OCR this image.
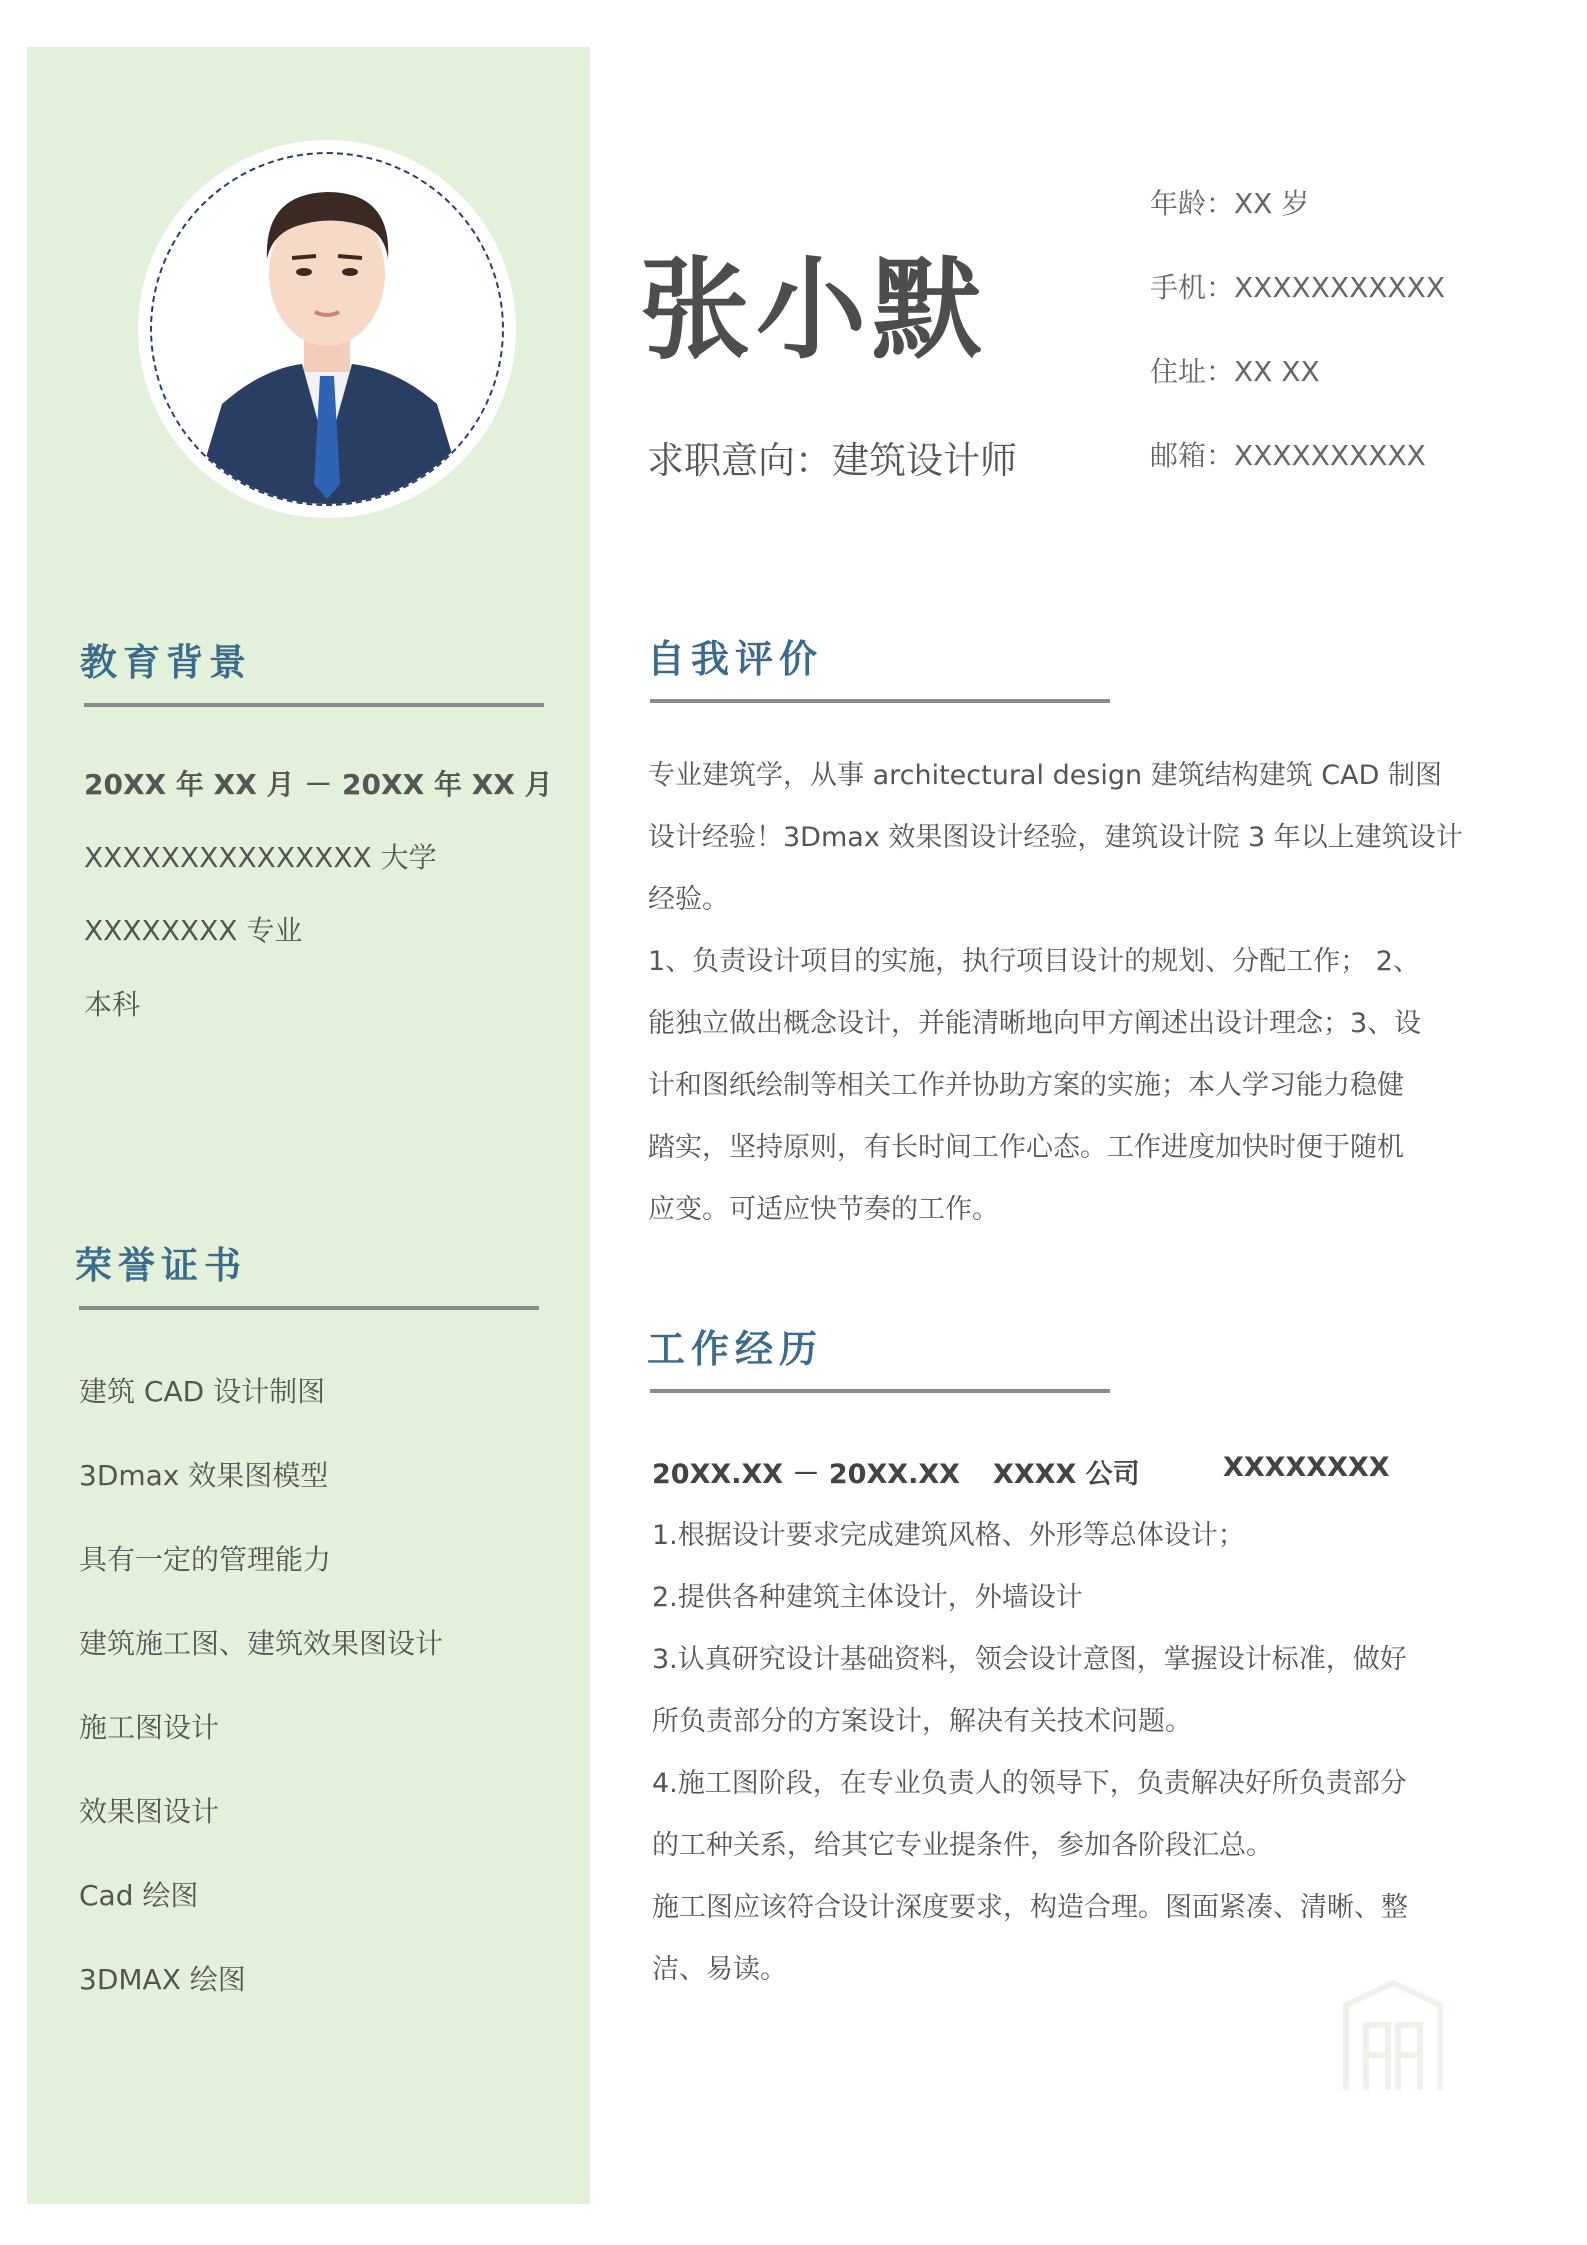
教育背景
20XX 年 XX 月 － 20XX 年 XX 月
XXXXXXXXXXXXXXX 大学
XXXXXXXX 专业
本科
荣誉证书
建筑 CAD 设计制图
3Dmax 效果图模型
具有一定的管理能力
建筑施工图、建筑效果图设计
施工图设计
效果图设计
Cad 绘图
3DMAX 绘图
张小默
求职意向：建筑设计师
年龄：XX 岁
手机：XXXXXXXXXXX
住址：XX XX
邮箱：XXXXXXXXXX
自我评价
专业建筑学，从事 architectural design 建筑结构建筑 CAD 制图
设计经验！3Dmax 效果图设计经验，建筑设计院 3 年以上建筑设计
经验。
1、负责设计项目的实施，执行项目设计的规划、分配工作； 2、
能独立做出概念设计，并能清晰地向甲方阐述出设计理念；3、设
计和图纸绘制等相关工作并协助方案的实施；本人学习能力稳健
踏实，坚持原则，有长时间工作心态。工作进度加快时便于随机
应变。可适应快节奏的工作。
工作经历
20XX.XX － 20XX.XX XXXX 公司	XXXXXXXX
1.根据设计要求完成建筑风格、外形等总体设计；
2.提供各种建筑主体设计，外墙设计
3.认真研究设计基础资料，领会设计意图，掌握设计标准，做好
所负责部分的方案设计，解决有关技术问题。
4.施工图阶段，在专业负责人的领导下，负责解决好所负责部分
的工种关系，给其它专业提条件，参加各阶段汇总。
施工图应该符合设计深度要求，构造合理。图面紧凑、清晰、整
洁、易读。
